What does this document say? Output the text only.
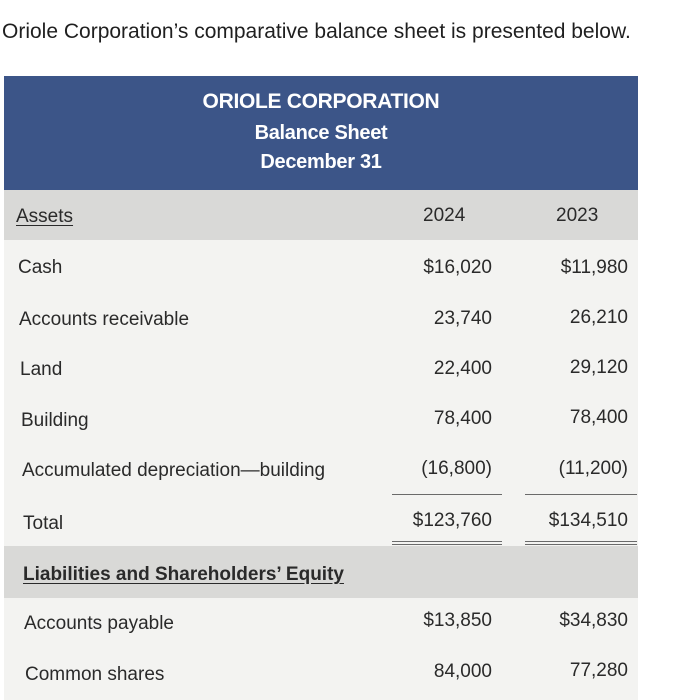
Oriole Corporation’s comparative balance sheet is presented below.
ORIOLE CORPORATION
Balance Sheet
December 31
Assets	2024	2023
Cash	$16,020	$11,980
Accounts receivable	23,740	26,210
Land	22,400	29,120
Building	78,400	78,400
Accumulated depreciation—building	(16,800)	(11,200)
Total	$123,760	$134,510
Liabilities and Shareholders’ Equity
Accounts payable	$13,850	$34,830
Common shares	84,000	77,280
